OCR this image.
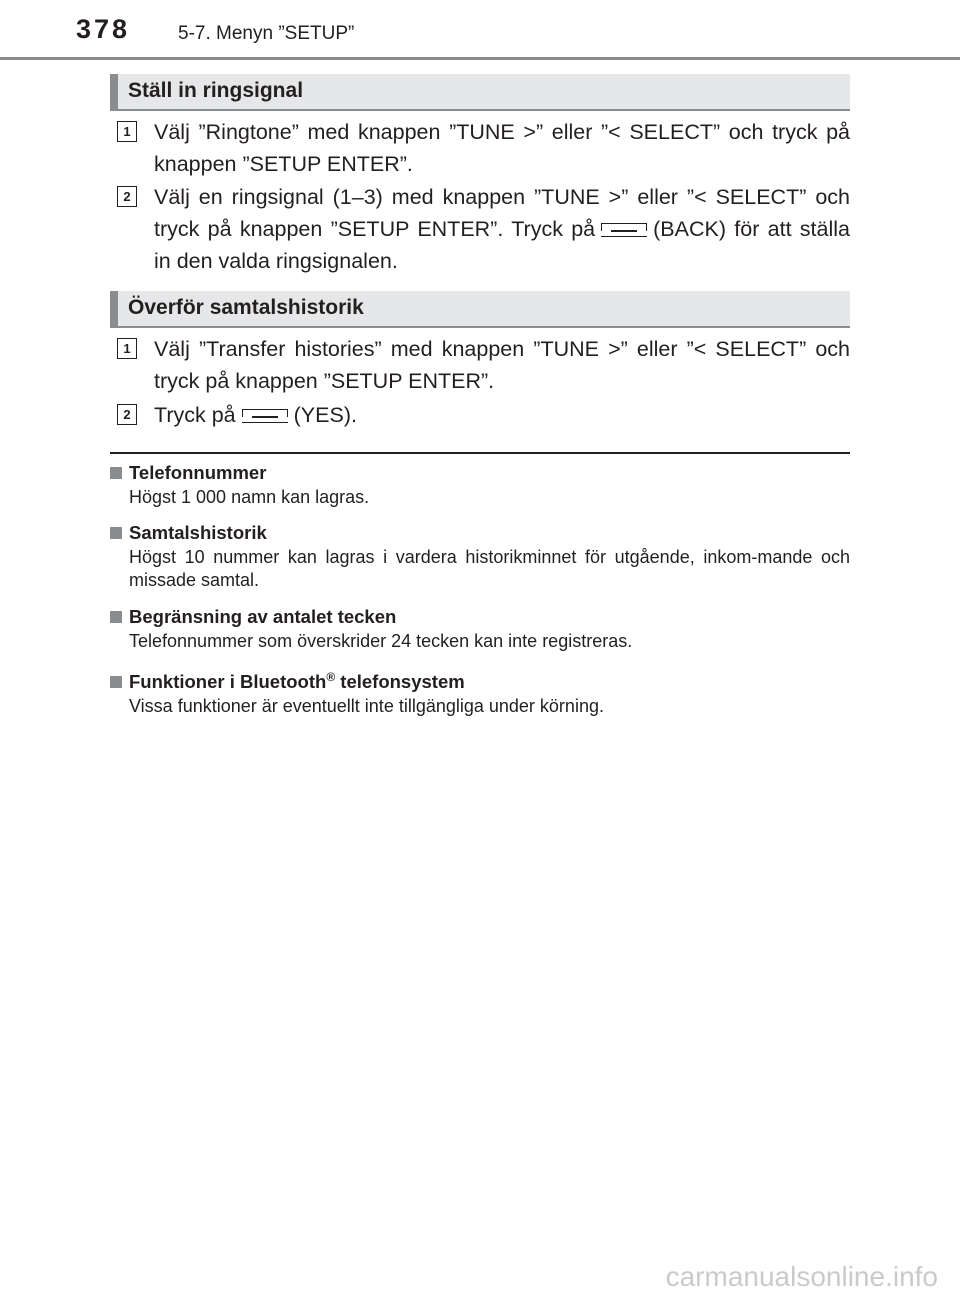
378	5-7. Menyn ”SETUP”
Ställ in ringsignal
1 Välj ”Ringtone” med knappen ”TUNE >” eller ”< SELECT” och tryck på knappen ”SETUP ENTER”.
2 Välj en ringsignal (1–3) med knappen ”TUNE >” eller ”< SELECT” och tryck på knappen ”SETUP ENTER”. Tryck på	(BACK) för att ställa in den valda ringsignalen.
Överför samtalshistorik
1 Välj ”Transfer histories” med knappen ”TUNE >” eller ”< SELECT” och tryck på knappen ”SETUP ENTER”.
2 Tryck på	(YES).
Telefonnummer
Högst 1 000 namn kan lagras.
Samtalshistorik
Högst 10 nummer kan lagras i vardera historikminnet för utgående, inkom-mande och missade samtal.
Begränsning av antalet tecken
Telefonnummer som överskrider 24 tecken kan inte registreras.
Funktioner i Bluetooth® telefonsystem
Vissa funktioner är eventuellt inte tillgängliga under körning.
carmanualsonline.info
